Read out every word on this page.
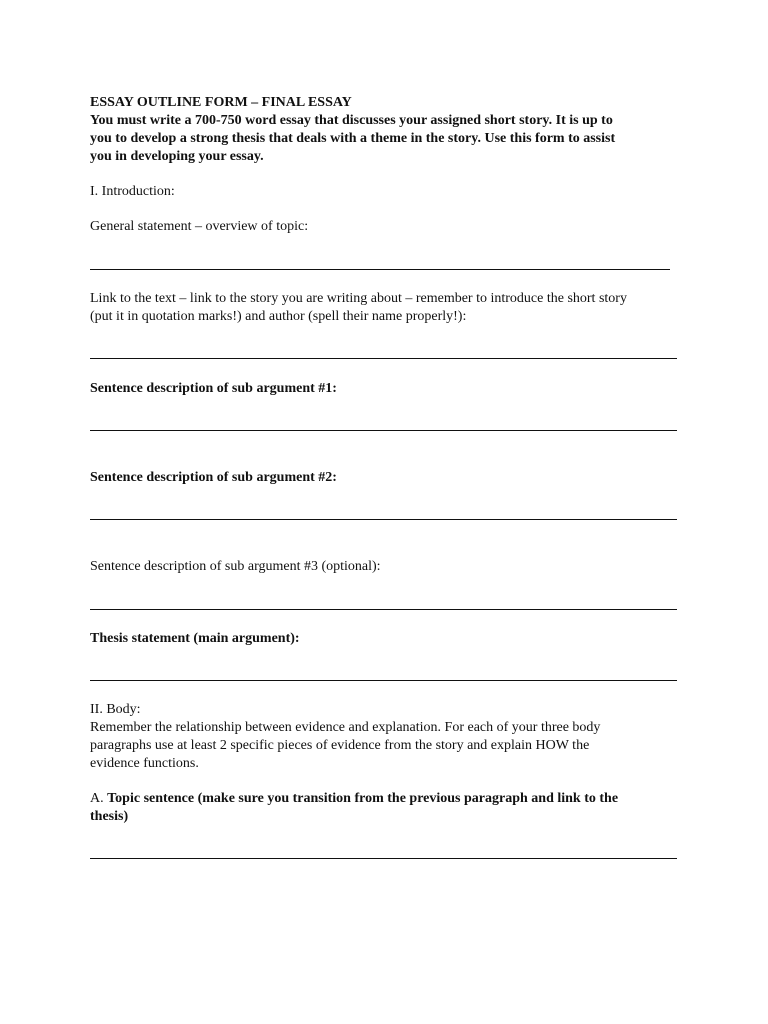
ESSAY OUTLINE FORM – FINAL ESSAY
You must write a 700-750 word essay that discusses your assigned short story. It is up to
you to develop a strong thesis that deals with a theme in the story. Use this form to assist
you in developing your essay.
I. Introduction:
General statement – overview of topic:
Link to the text – link to the story you are writing about – remember to introduce the short story
(put it in quotation marks!) and author (spell their name properly!):
Sentence description of sub argument #1:
Sentence description of sub argument #2:
Sentence description of sub argument #3 (optional):
Thesis statement (main argument):
II. Body:
Remember the relationship between evidence and explanation. For each of your three body
paragraphs use at least 2 specific pieces of evidence from the story and explain HOW the
evidence functions.
A. Topic sentence (make sure you transition from the previous paragraph and link to the
thesis)
